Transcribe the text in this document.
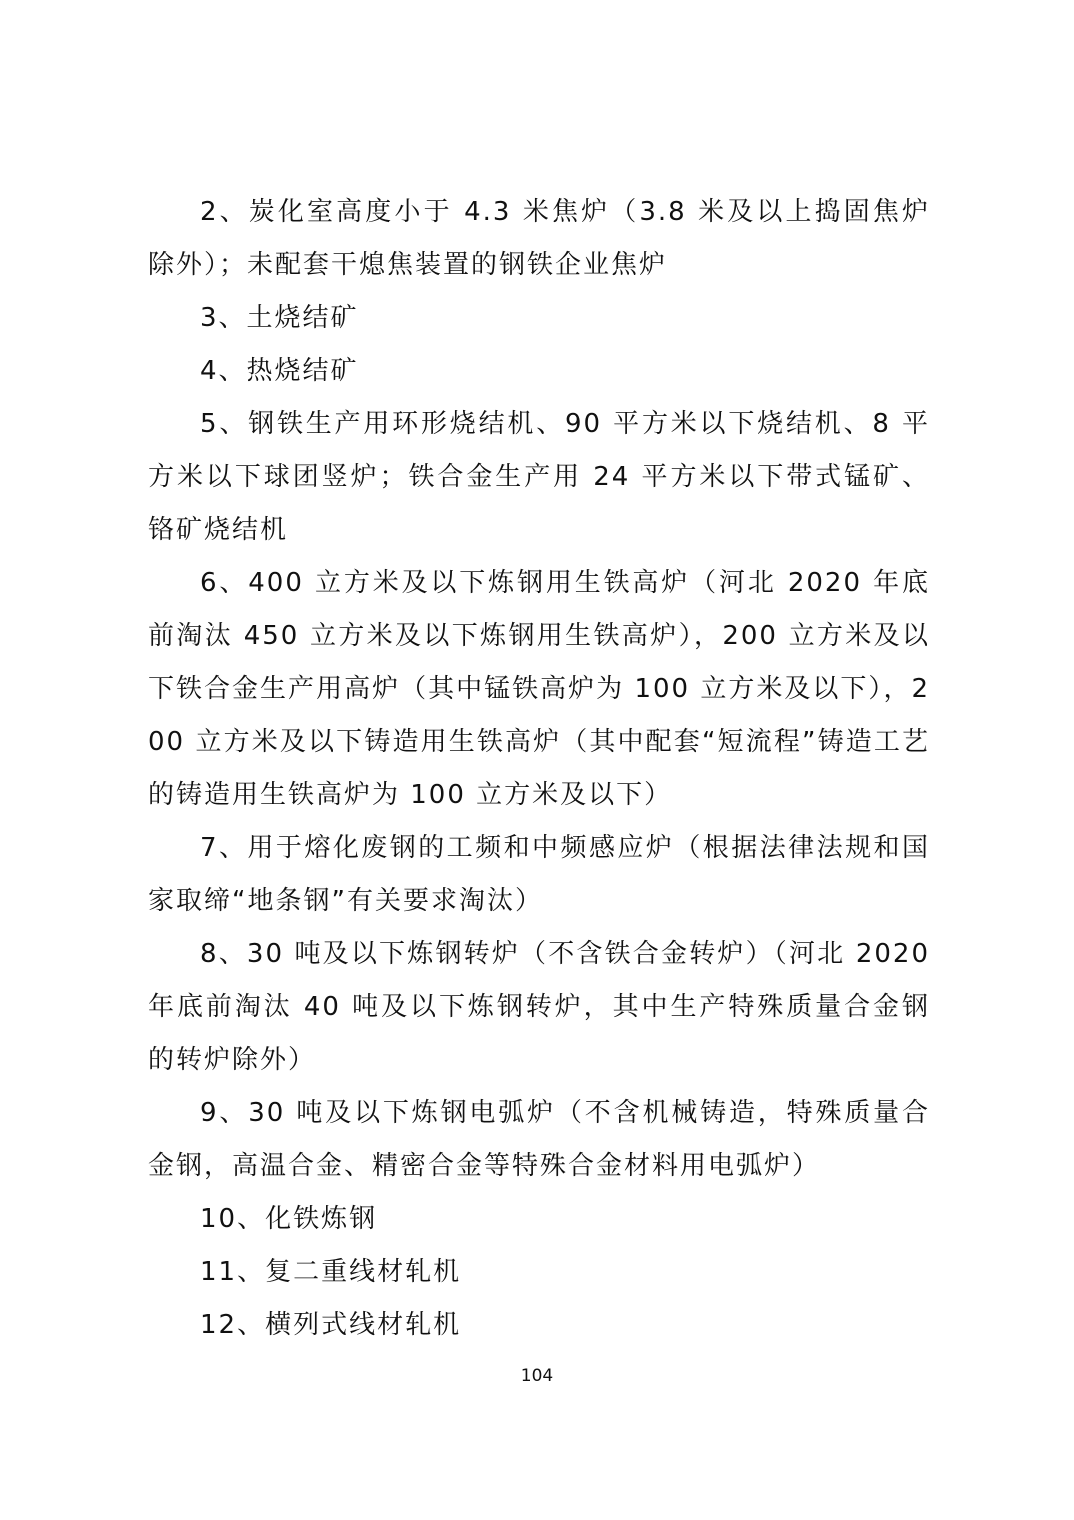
2、炭化室高度小于 4.3 米焦炉（3.8 米及以上捣固焦炉除外）；未配套干熄焦装置的钢铁企业焦炉

3、土烧结矿

4、热烧结矿

5、钢铁生产用环形烧结机、90 平方米以下烧结机、8 平方米以下球团竖炉；铁合金生产用 24 平方米以下带式锰矿、铬矿烧结机

6、400 立方米及以下炼钢用生铁高炉（河北 2020 年底前淘汰 450 立方米及以下炼钢用生铁高炉），200 立方米及以下铁合金生产用高炉（其中锰铁高炉为 100 立方米及以下），200 立方米及以下铸造用生铁高炉（其中配套“短流程”铸造工艺的铸造用生铁高炉为 100 立方米及以下）

7、用于熔化废钢的工频和中频感应炉（根据法律法规和国家取缔“地条钢”有关要求淘汰）

8、30 吨及以下炼钢转炉（不含铁合金转炉）（河北 2020 年底前淘汰 40 吨及以下炼钢转炉，其中生产特殊质量合金钢的转炉除外）

9、30 吨及以下炼钢电弧炉（不含机械铸造，特殊质量合金钢，高温合金、精密合金等特殊合金材料用电弧炉）

10、化铁炼钢

11、复二重线材轧机

12、横列式线材轧机

104
